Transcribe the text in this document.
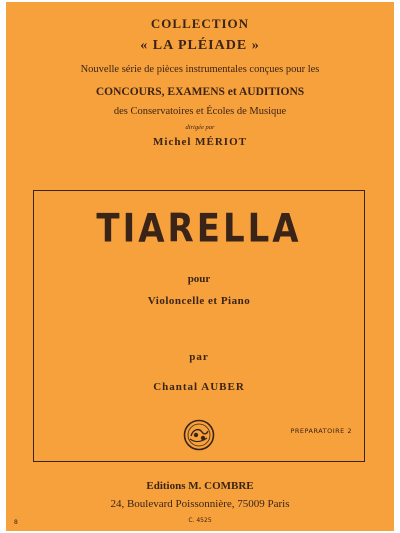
COLLECTION
« LA PLÉIADE »
Nouvelle série de pièces instrumentales conçues pour les
CONCOURS, EXAMENS et AUDITIONS
des Conservatoires et Écoles de Musique
dirigée par
Michel MÉRIOT
TIARELLA
pour
Violoncelle et Piano
par
Chantal AUBER
PREPARATOIRE 2
Editions M. COMBRE
24, Boulevard Poissonnière, 75009 Paris
C. 4525
8
